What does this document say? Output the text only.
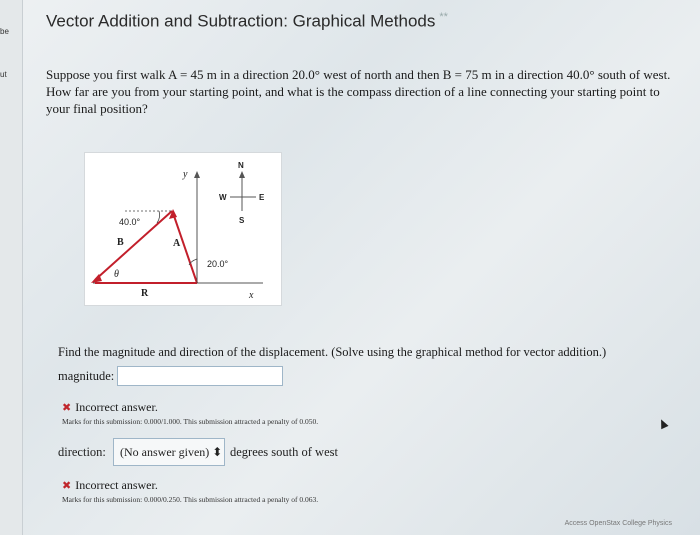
be
ut
Vector Addition and Subtraction: Graphical Methods **
Suppose you first walk A = 45 m in a direction 20.0° west of north and then B = 75 m in a direction 40.0° south of west. How far are you from your starting point, and what is the compass direction of a line connecting your starting point to your final position?
y
x
N
S
E
W
40.0°
20.0°
A
B
R
θ
Find the magnitude and direction of the displacement. (Solve using the graphical method for vector addition.)
magnitude:
✖ Incorrect answer.
Marks for this submission: 0.000/1.000. This submission attracted a penalty of 0.050.
direction: (No answer given) ⬍ degrees south of west
✖ Incorrect answer.
Marks for this submission: 0.000/0.250. This submission attracted a penalty of 0.063.
Access OpenStax College Physics
